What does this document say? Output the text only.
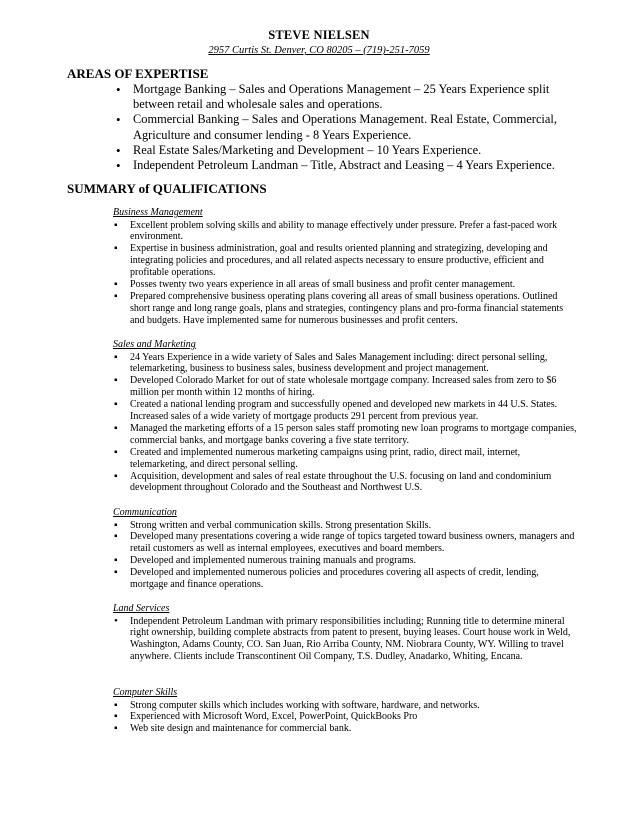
STEVE NIELSEN
2957 Curtis St. Denver, CO 80205 – (719)-251-7059
AREAS OF EXPERTISE
• Mortgage Banking – Sales and Operations Management – 25 Years Experience split between retail and wholesale sales and operations.
• Commercial Banking – Sales and Operations Management. Real Estate, Commercial, Agriculture and consumer lending - 8 Years Experience.
• Real Estate Sales/Marketing and Development – 10 Years Experience.
• Independent Petroleum Landman – Title, Abstract and Leasing – 4 Years Experience.
SUMMARY of QUALIFICATIONS
Business Management
▪ Excellent problem solving skills and ability to manage effectively under pressure. Prefer a fast-paced work environment.
▪ Expertise in business administration, goal and results oriented planning and strategizing, developing and integrating policies and procedures, and all related aspects necessary to ensure productive, efficient and profitable operations.
▪ Posses twenty two years experience in all areas of small business and profit center management.
▪ Prepared comprehensive business operating plans covering all areas of small business operations. Outlined short range and long range goals, plans and strategies, contingency plans and pro-forma financial statements and budgets. Have implemented same for numerous businesses and profit centers.
Sales and Marketing
▪ 24 Years Experience in a wide variety of Sales and Sales Management including: direct personal selling, telemarketing, business to business sales, business development and project management.
▪ Developed Colorado Market for out of state wholesale mortgage company. Increased sales from zero to $6 million per month within 12 months of hiring.
▪ Created a national lending program and successfully opened and developed new markets in 44 U.S. States. Increased sales of a wide variety of mortgage products 291 percent from previous year.
▪ Managed the marketing efforts of a 15 person sales staff promoting new loan programs to mortgage companies, commercial banks, and mortgage banks covering a five state territory.
▪ Created and implemented numerous marketing campaigns using print, radio, direct mail, internet, telemarketing, and direct personal selling.
▪ Acquisition, development and sales of real estate throughout the U.S. focusing on land and condominium development throughout Colorado and the Southeast and Northwest U.S.
Communication
▪ Strong written and verbal communication skills. Strong presentation Skills.
▪ Developed many presentations covering a wide range of topics targeted toward business owners, managers and retail customers as well as internal employees, executives and board members.
▪ Developed and implemented numerous training manuals and programs.
▪ Developed and implemented numerous policies and procedures covering all aspects of credit, lending, mortgage and finance operations.
Land Services
• Independent Petroleum Landman with primary responsibilities including; Running title to determine mineral right ownership, building complete abstracts from patent to present, buying leases. Court house work in Weld, Washington, Adams County, CO. San Juan, Rio Arriba County, NM. Niobrara County, WY. Willing to travel anywhere. Clients include Transcontinent Oil Company, T.S. Dudley, Anadarko, Whiting, Encana.
Computer Skills
▪ Strong computer skills which includes working with software, hardware, and networks.
▪ Experienced with Microsoft Word, Excel, PowerPoint, QuickBooks Pro
▪ Web site design and maintenance for commercial bank.
